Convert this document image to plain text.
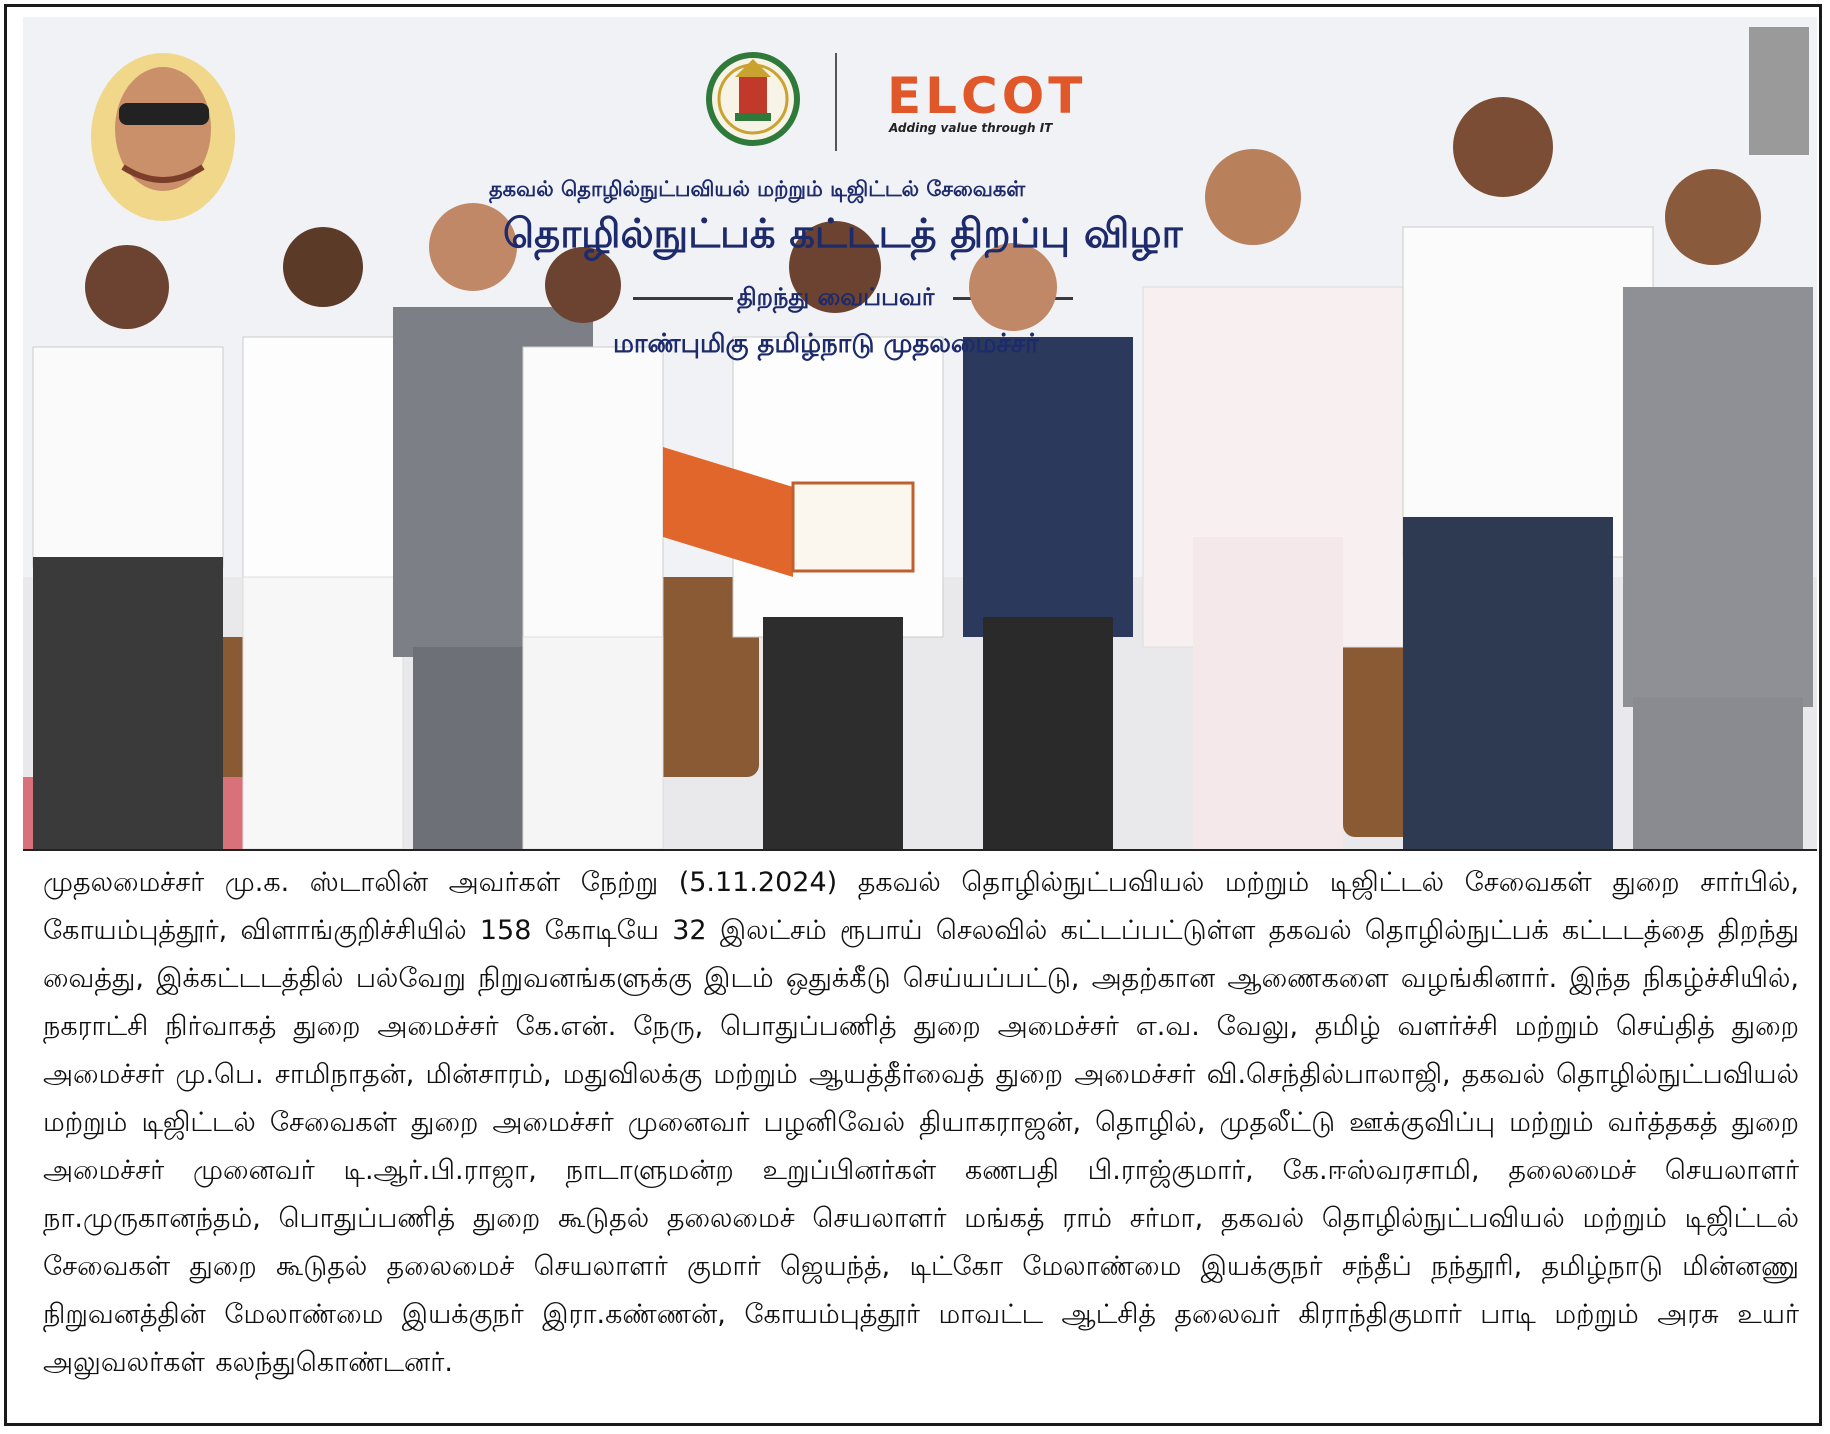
ELCOT
Adding value through IT
தகவல் தொழில்நுட்பவியல் மற்றும் டிஜிட்டல் சேவைகள்
தொழில்நுட்பக் கட்டடத் திறப்பு விழா
திறந்து வைப்பவர்
மாண்புமிகு தமிழ்நாடு முதலமைச்சர்
முதலமைச்சர் மு.க. ஸ்டாலின் அவர்கள் நேற்று (5.11.2024) தகவல் தொழில்நுட்பவியல் மற்றும் டிஜிட்டல் சேவைகள் துறை சார்பில், கோயம்புத்தூர், விளாங்குறிச்சியில் 158 கோடியே 32 இலட்சம் ரூபாய் செலவில் கட்டப்பட்டுள்ள தகவல் தொழில்நுட்பக் கட்டடத்தை திறந்து வைத்து, இக்கட்டடத்தில் பல்வேறு நிறுவனங்களுக்கு இடம் ஒதுக்கீடு செய்யப்பட்டு, அதற்கான ஆணைகளை வழங்கினார். இந்த நிகழ்ச்சியில், நகராட்சி நிர்வாகத் துறை அமைச்சர் கே.என். நேரு, பொதுப்பணித் துறை அமைச்சர் எ.வ. வேலு, தமிழ் வளர்ச்சி மற்றும் செய்தித் துறை அமைச்சர் மு.பெ. சாமிநாதன், மின்சாரம், மதுவிலக்கு மற்றும் ஆயத்தீர்வைத் துறை அமைச்சர் வி.செந்தில்பாலாஜி, தகவல் தொழில்நுட்பவியல் மற்றும் டிஜிட்டல் சேவைகள் துறை அமைச்சர் முனைவர் பழனிவேல் தியாகராஜன், தொழில், முதலீட்டு ஊக்குவிப்பு மற்றும் வர்த்தகத் துறை அமைச்சர் முனைவர் டி.ஆர்.பி.ராஜா, நாடாளுமன்ற உறுப்பினர்கள் கணபதி பி.ராஜ்குமார், கே.ஈஸ்வரசாமி, தலைமைச் செயலாளர் நா.முருகானந்தம், பொதுப்பணித் துறை கூடுதல் தலைமைச் செயலாளர் மங்கத் ராம் சர்மா, தகவல் தொழில்நுட்பவியல் மற்றும் டிஜிட்டல் சேவைகள் துறை கூடுதல் தலைமைச் செயலாளர் குமார் ஜெயந்த், டிட்கோ மேலாண்மை இயக்குநர் சந்தீப் நந்தூரி, தமிழ்நாடு மின்னணு நிறுவனத்தின் மேலாண்மை இயக்குநர் இரா.கண்ணன், கோயம்புத்தூர் மாவட்ட ஆட்சித் தலைவர் கிராந்திகுமார் பாடி மற்றும் அரசு உயர் அலுவலர்கள் கலந்துகொண்டனர்.
